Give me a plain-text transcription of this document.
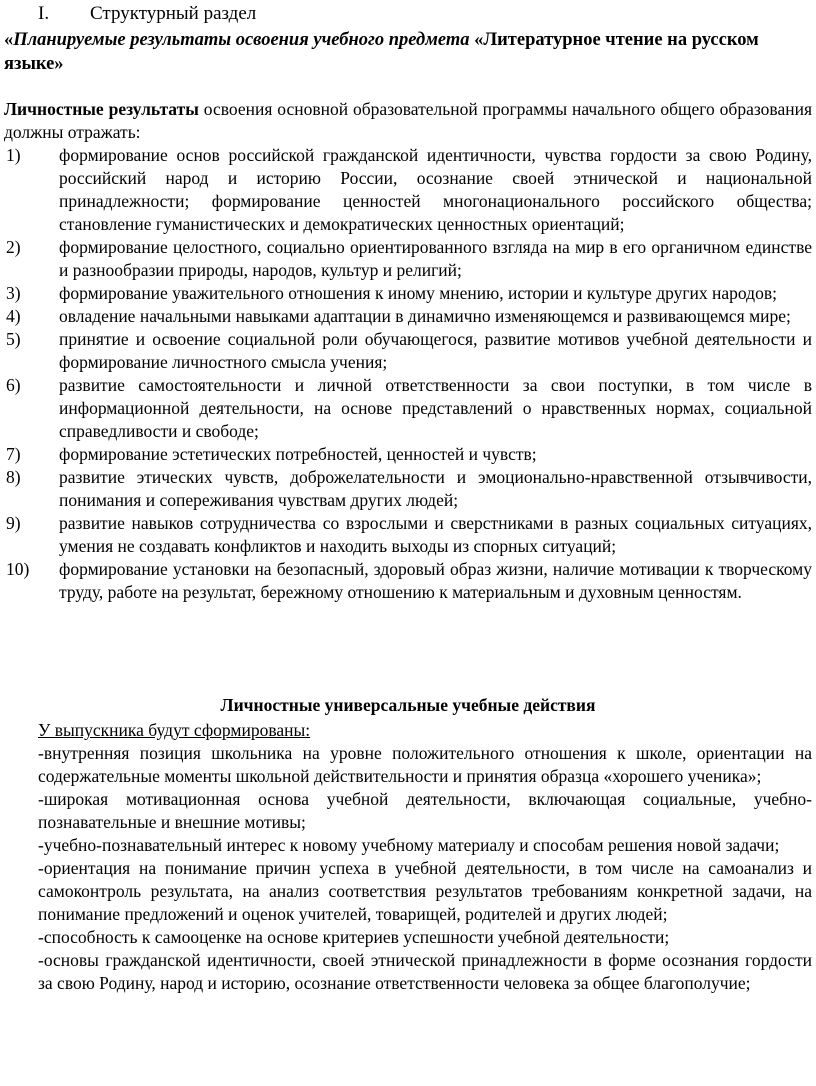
I. Структурный раздел
«Планируемые результаты освоения учебного предмета «Литературное чтение на русском языке»
Личностные результаты освоения основной образовательной программы начального общего образования должны отражать:
1) формирование основ российской гражданской идентичности, чувства гордости за свою Родину, российский народ и историю России, осознание своей этнической и национальной принадлежности; формирование ценностей многонационального российского общества; становление гуманистических и демократических ценностных ориентаций;
2) формирование целостного, социально ориентированного взгляда на мир в его органичном единстве и разнообразии природы, народов, культур и религий;
3) формирование уважительного отношения к иному мнению, истории и культуре других народов;
4) овладение начальными навыками адаптации в динамично изменяющемся и развивающемся мире;
5) принятие и освоение социальной роли обучающегося, развитие мотивов учебной деятельности и формирование личностного смысла учения;
6) развитие самостоятельности и личной ответственности за свои поступки, в том числе в информационной деятельности, на основе представлений о нравственных нормах, социальной справедливости и свободе;
7) формирование эстетических потребностей, ценностей и чувств;
8) развитие этических чувств, доброжелательности и эмоционально-нравственной отзывчивости, понимания и сопереживания чувствам других людей;
9) развитие навыков сотрудничества со взрослыми и сверстниками в разных социальных ситуациях, умения не создавать конфликтов и находить выходы из спорных ситуаций;
10) формирование установки на безопасный, здоровый образ жизни, наличие мотивации к творческому труду, работе на результат, бережному отношению к материальным и духовным ценностям.
Личностные универсальные учебные действия
У выпускника будут сформированы:

-внутренняя позиция школьника на уровне положительного отношения к школе, ориентации на содержательные моменты школьной действительности и принятия образца «хорошего ученика»;

-широкая мотивационная основа учебной деятельности, включающая социальные, учебно-познавательные и внешние мотивы;

-учебно-познавательный интерес к новому учебному материалу и способам решения новой задачи;

-ориентация на понимание причин успеха в учебной деятельности, в том числе на самоанализ и самоконтроль результата, на анализ соответствия результатов требованиям конкретной задачи, на понимание предложений и оценок учителей, товарищей, родителей и других людей;

-способность к самооценке на основе критериев успешности учебной деятельности;

-основы гражданской идентичности, своей этнической принадлежности в форме осознания гордости за свою Родину, народ и историю, осознание ответственности человека за общее благополучие;
